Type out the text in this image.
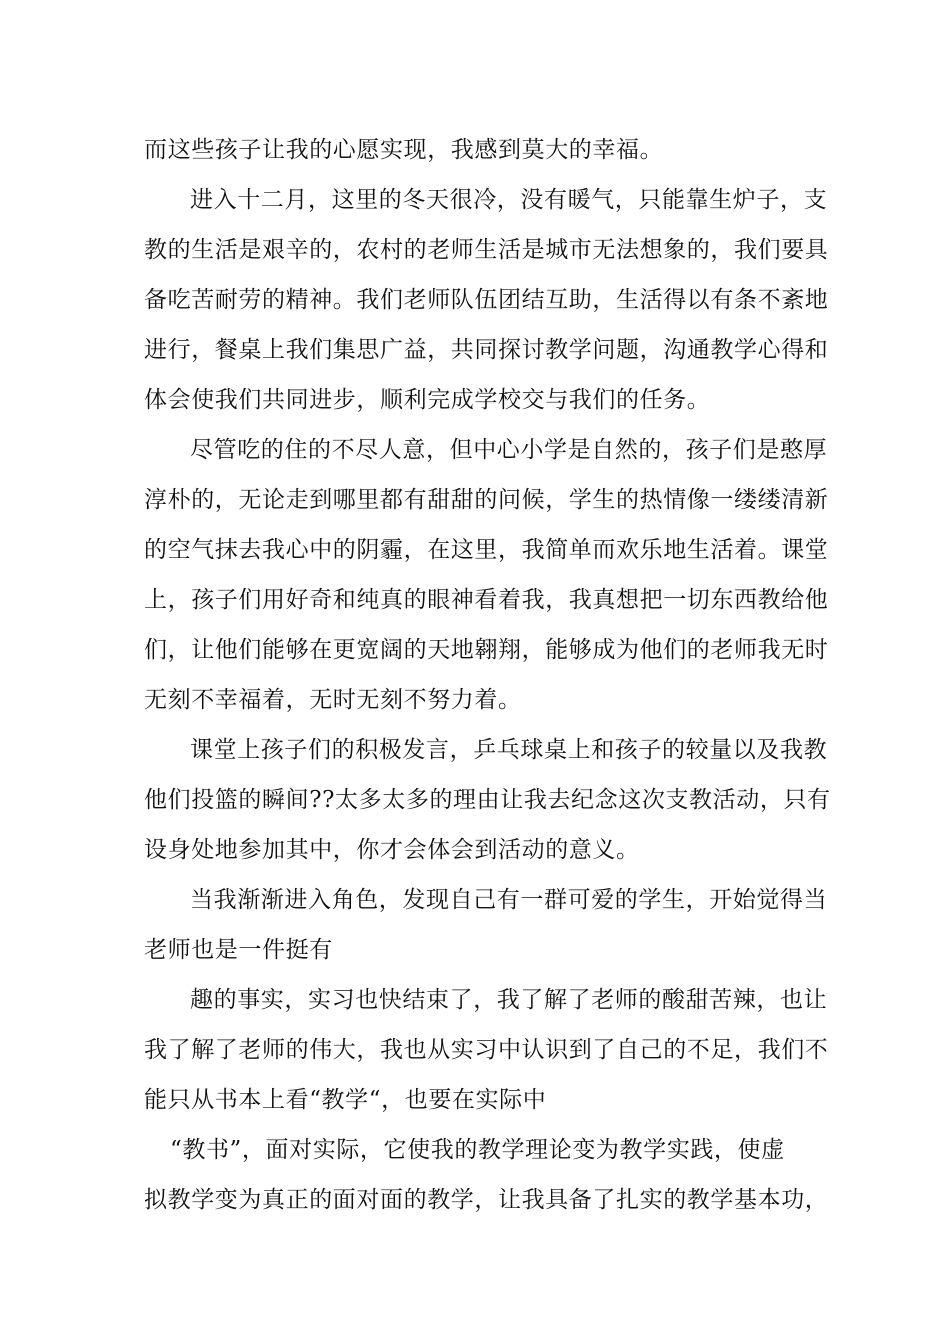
而这些孩子让我的心愿实现，我感到莫大的幸福。
进入十二月，这里的冬天很冷，没有暖气，只能靠生炉子，支
教的生活是艰辛的，农村的老师生活是城市无法想象的，我们要具
备吃苦耐劳的精神。我们老师队伍团结互助，生活得以有条不紊地
进行，餐桌上我们集思广益，共同探讨教学问题，沟通教学心得和
体会使我们共同进步，顺利完成学校交与我们的任务。
尽管吃的住的不尽人意，但中心小学是自然的，孩子们是憨厚
淳朴的，无论走到哪里都有甜甜的问候，学生的热情像一缕缕清新
的空气抹去我心中的阴霾，在这里，我简单而欢乐地生活着。课堂
上，孩子们用好奇和纯真的眼神看着我，我真想把一切东西教给他
们，让他们能够在更宽阔的天地翱翔，能够成为他们的老师我无时
无刻不幸福着，无时无刻不努力着。
课堂上孩子们的积极发言，乒乓球桌上和孩子的较量以及我教
他们投篮的瞬间??太多太多的理由让我去纪念这次支教活动，只有
设身处地参加其中，你才会体会到活动的意义。
当我渐渐进入角色，发现自己有一群可爱的学生，开始觉得当
老师也是一件挺有
趣的事实，实习也快结束了，我了解了老师的酸甜苦辣，也让
我了解了老师的伟大，我也从实习中认识到了自己的不足，我们不
能只从书本上看“教学“，也要在实际中
“教书”，面对实际，它使我的教学理论变为教学实践，使虚
拟教学变为真正的面对面的教学，让我具备了扎实的教学基本功，
